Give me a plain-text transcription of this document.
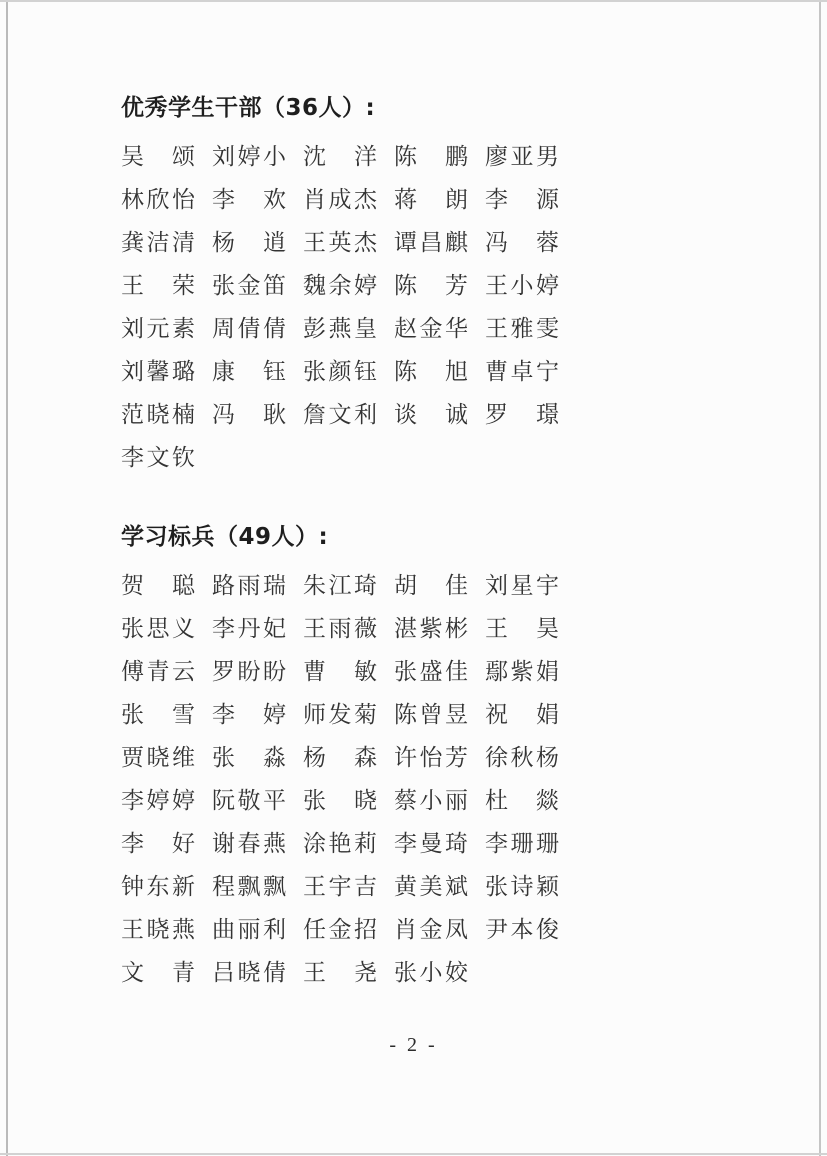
优秀学生干部（36人）:
吴 颂 刘 婷 小 沈 洋 陈 鹏 廖 亚 男
林 欣 怡 李 欢 肖 成 杰 蒋 朗 李 源
龚 洁 清 杨 逍 王 英 杰 谭 昌 麒 冯 蓉
王 荣 张 金 笛 魏 余 婷 陈 芳 王 小 婷
刘 元 素 周 倩 倩 彭 燕 皇 赵 金 华 王 雅 雯
刘 馨 璐 康 钰 张 颜 钰 陈 旭 曹 卓 宁
范 晓 楠 冯 耿 詹 文 利 谈 诚 罗 璟
李 文 钦
学习标兵（49人）:
贺 聪 路 雨 瑞 朱 江 琦 胡 佳 刘 星 宇
张 思 义 李 丹 妃 王 雨 薇 湛 紫 彬 王 昊
傅 青 云 罗 盼 盼 曹 敏 张 盛 佳 鄢 紫 娟
张 雪 李 婷 师 发 菊 陈 曾 昱 祝 娟
贾 晓 维 张 淼 杨 森 许 怡 芳 徐 秋 杨
李 婷 婷 阮 敬 平 张 晓 蔡 小 丽 杜 燚
李 好 谢 春 燕 涂 艳 莉 李 曼 琦 李 珊 珊
钟 东 新 程 飘 飘 王 宇 吉 黄 美 斌 张 诗 颖
王 晓 燕 曲 丽 利 任 金 招 肖 金 凤 尹 本 俊
文 青 吕 晓 倩 王 尧 张 小 姣
- 2 -
